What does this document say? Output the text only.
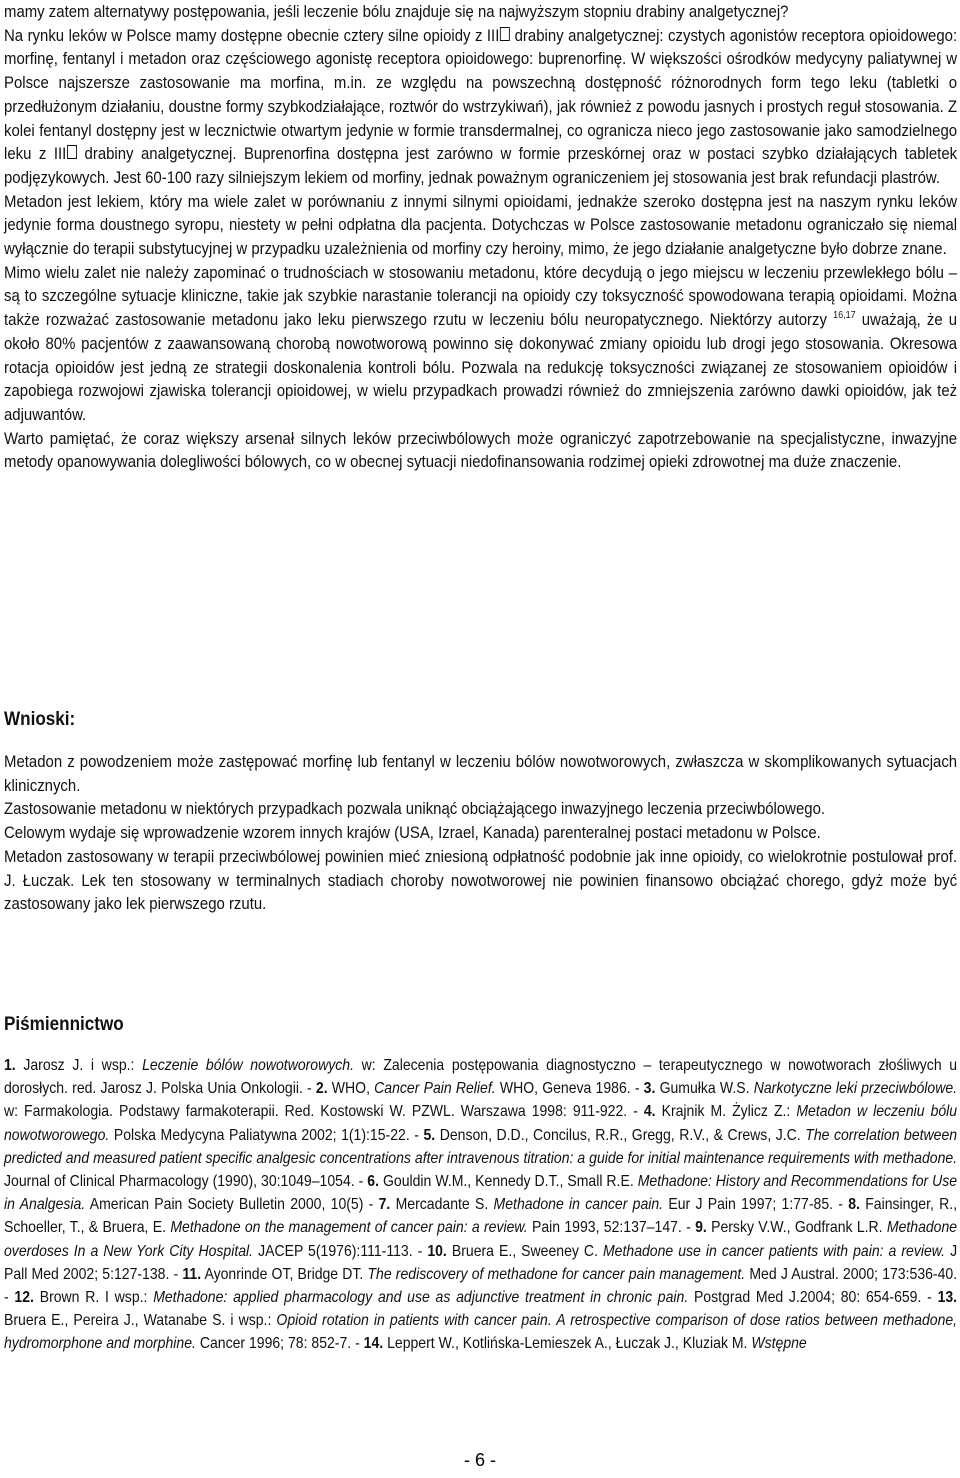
mamy zatem alternatywy postępowania, jeśli leczenie bólu znajduje się na najwyższym stopniu drabiny analgetycznej?

Na rynku leków w Polsce mamy dostępne obecnie cztery silne opioidy z III drabiny analgetycznej: czystych agonistów receptora opioidowego: morfinę, fentanyl i metadon oraz częściowego agonistę receptora opioidowego: buprenorfinę. W większości ośrodków medycyny paliatywnej w Polsce najszersze zastosowanie ma morfina, m.in. ze względu na powszechną dostępność różnorodnych form tego leku (tabletki o przedłużonym działaniu, doustne formy szybkodziałające, roztwór do wstrzykiwań), jak również z powodu jasnych i prostych reguł stosowania. Z kolei fentanyl dostępny jest w lecznictwie otwartym jedynie w formie transdermalnej, co ogranicza nieco jego zastosowanie jako samodzielnego leku z III drabiny analgetycznej. Buprenorfina dostępna jest zarówno w formie przeskórnej oraz w postaci szybko działających tabletek podjęzykowych. Jest 60-100 razy silniejszym lekiem od morfiny, jednak poważnym ograniczeniem jej stosowania jest brak refundacji plastrów.

Metadon jest lekiem, który ma wiele zalet w porównaniu z innymi silnymi opioidami, jednakże szeroko dostępna jest na naszym rynku leków jedynie forma doustnego syropu, niestety w pełni odpłatna dla pacjenta. Dotychczas w Polsce zastosowanie metadonu ograniczało się niemal wyłącznie do terapii substytucyjnej w przypadku uzależnienia od morfiny czy heroiny, mimo, że jego działanie analgetyczne było dobrze znane.

Mimo wielu zalet nie należy zapominać o trudnościach w stosowaniu metadonu, które decydują o jego miejscu w leczeniu przewlekłego bólu – są to szczególne sytuacje kliniczne, takie jak szybkie narastanie tolerancji na opioidy czy toksyczność spowodowana terapią opioidami. Można także rozważać zastosowanie metadonu jako leku pierwszego rzutu w leczeniu bólu neuropatycznego. Niektórzy autorzy $^{16,17}$ uważają, że u około 80% pacjentów z zaawansowaną chorobą nowotworową powinno się dokonywać zmiany opioidu lub drogi jego stosowania. Okresowa rotacja opioidów jest jedną ze strategii doskonalenia kontroli bólu. Pozwala na redukcję toksyczności związanej ze stosowaniem opioidów i zapobiega rozwojowi zjawiska tolerancji opioidowej, w wielu przypadkach prowadzi również do zmniejszenia zarówno dawki opioidów, jak też adjuwantów.

Warto pamiętać, że coraz większy arsenał silnych leków przeciwbólowych może ograniczyć zapotrzebowanie na specjalistyczne, inwazyjne metody opanowywania dolegliwości bólowych, co w obecnej sytuacji niedofinansowania rodzimej opieki zdrowotnej ma duże znaczenie.

Wnioski:

Metadon z powodzeniem może zastępować morfinę lub fentanyl w leczeniu bólów nowotworowych, zwłaszcza w skomplikowanych sytuacjach klinicznych.

Zastosowanie metadonu w niektórych przypadkach pozwala uniknąć obciążającego inwazyjnego leczenia przeciwbólowego.

Celowym wydaje się wprowadzenie wzorem innych krajów (USA, Izrael, Kanada) parenteralnej postaci metadonu w Polsce.

Metadon zastosowany w terapii przeciwbólowej powinien mieć zniesioną odpłatność podobnie jak inne opioidy, co wielokrotnie postulował prof. J. Łuczak. Lek ten stosowany w terminalnych stadiach choroby nowotworowej nie powinien finansowo obciążać chorego, gdyż może być zastosowany jako lek pierwszego rzutu.

Piśmiennictwo

1. Jarosz J. i wsp.: Leczenie bólów nowotworowych. w: Zalecenia postępowania diagnostyczno – terapeutycznego w nowotworach złośliwych u dorosłych. red. Jarosz J. Polska Unia Onkologii. - 2. WHO, Cancer Pain Relief. WHO, Geneva 1986. - 3. Gumułka W.S. Narkotyczne leki przeciwbólowe. w: Farmakologia. Podstawy farmakoterapii. Red. Kostowski W. PZWL. Warszawa 1998: 911-922. - 4. Krajnik M. Żylicz Z.: Metadon w leczeniu bólu nowotworowego. Polska Medycyna Paliatywna 2002; 1(1):15-22. - 5. Denson, D.D., Concilus, R.R., Gregg, R.V., & Crews, J.C. The correlation between predicted and measured patient specific analgesic concentrations after intravenous titration: a guide for initial maintenance requirements with methadone. Journal of Clinical Pharmacology (1990), 30:1049–1054. - 6. Gouldin W.M., Kennedy D.T., Small R.E. Methadone: History and Recommendations for Use in Analgesia. American Pain Society Bulletin 2000, 10(5) - 7. Mercadante S. Methadone in cancer pain. Eur J Pain 1997; 1:77-85. - 8. Fainsinger, R., Schoeller, T., & Bruera, E. Methadone on the management of cancer pain: a review. Pain 1993, 52:137–147. - 9. Persky V.W., Godfrank L.R. Methadone overdoses In a New York City Hospital. JACEP 5(1976):111-113. - 10. Bruera E., Sweeney C. Methadone use in cancer patients with pain: a review. J Pall Med 2002; 5:127-138. - 11. Ayonrinde OT, Bridge DT. The rediscovery of methadone for cancer pain management. Med J Austral. 2000; 173:536-40. - 12. Brown R. I wsp.: Methadone: applied pharmacology and use as adjunctive treatment in chronic pain. Postgrad Med J.2004; 80: 654-659. - 13. Bruera E., Pereira J., Watanabe S. i wsp.: Opioid rotation in patients with cancer pain. A retrospective comparison of dose ratios between methadone, hydromorphone and morphine. Cancer 1996; 78: 852-7. - 14. Leppert W., Kotlińska-Lemieszek A., Łuczak J., Kluziak M. Wstępne

- 6 -
